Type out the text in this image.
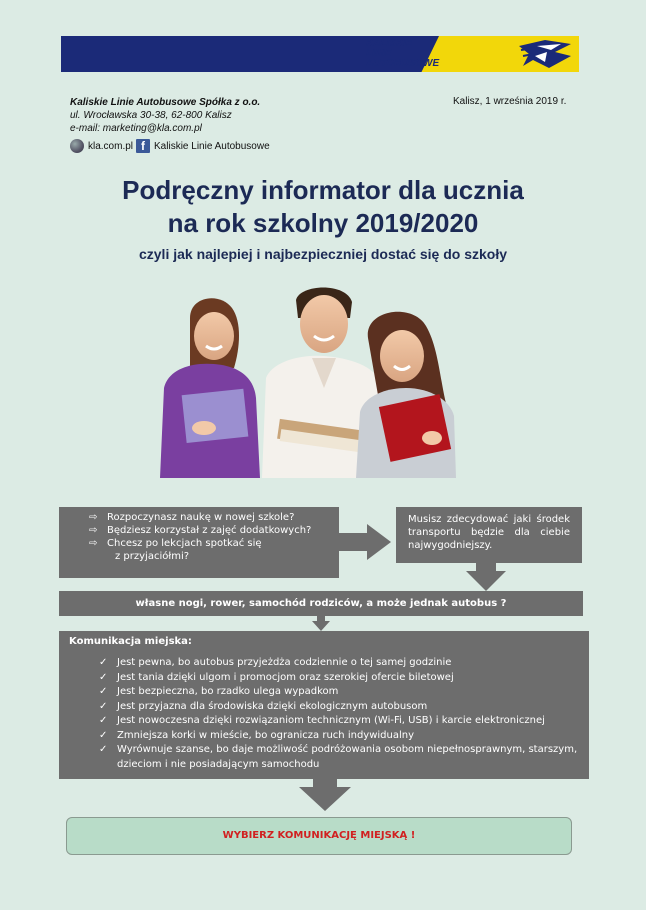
KALISKIE
LINIE
AUTOBUSOWE
Kaliskie Linie Autobusowe Spółka z o.o.
ul. Wrocławska 30-38, 62-800 Kalisz
e-mail: marketing@kla.com.pl
Kalisz, 1 września 2019 r.
kla.com.pl f Kaliskie Linie Autobusowe
Podręczny informator dla ucznia
na rok szkolny 2019/2020
czyli jak najlepiej i najbezpieczniej dostać się do szkoły
⇨ Rozpoczynasz naukę w nowej szkole?
⇨ Będziesz korzystał z zajęć dodatkowych?
⇨ Chcesz po lekcjach spotkać się
z przyjaciółmi?
Musisz zdecydować jaki środek transportu będzie dla ciebie najwygodniejszy.
własne nogi, rower, samochód rodziców, a może jednak autobus ?
Komunikacja miejska:
✓ Jest pewna, bo autobus przyjeżdża codziennie o tej samej godzinie
✓ Jest tania dzięki ulgom i promocjom oraz szerokiej ofercie biletowej
✓ Jest bezpieczna, bo rzadko ulega wypadkom
✓ Jest przyjazna dla środowiska dzięki ekologicznym autobusom
✓ Jest nowoczesna dzięki rozwiązaniom technicznym (Wi-Fi, USB) i karcie elektronicznej
✓ Zmniejsza korki w mieście, bo ogranicza ruch indywidualny
✓ Wyrównuje szanse, bo daje możliwość podróżowania osobom niepełnosprawnym, starszym, dzieciom i nie posiadającym samochodu
WYBIERZ KOMUNIKACJĘ MIEJSKĄ !
